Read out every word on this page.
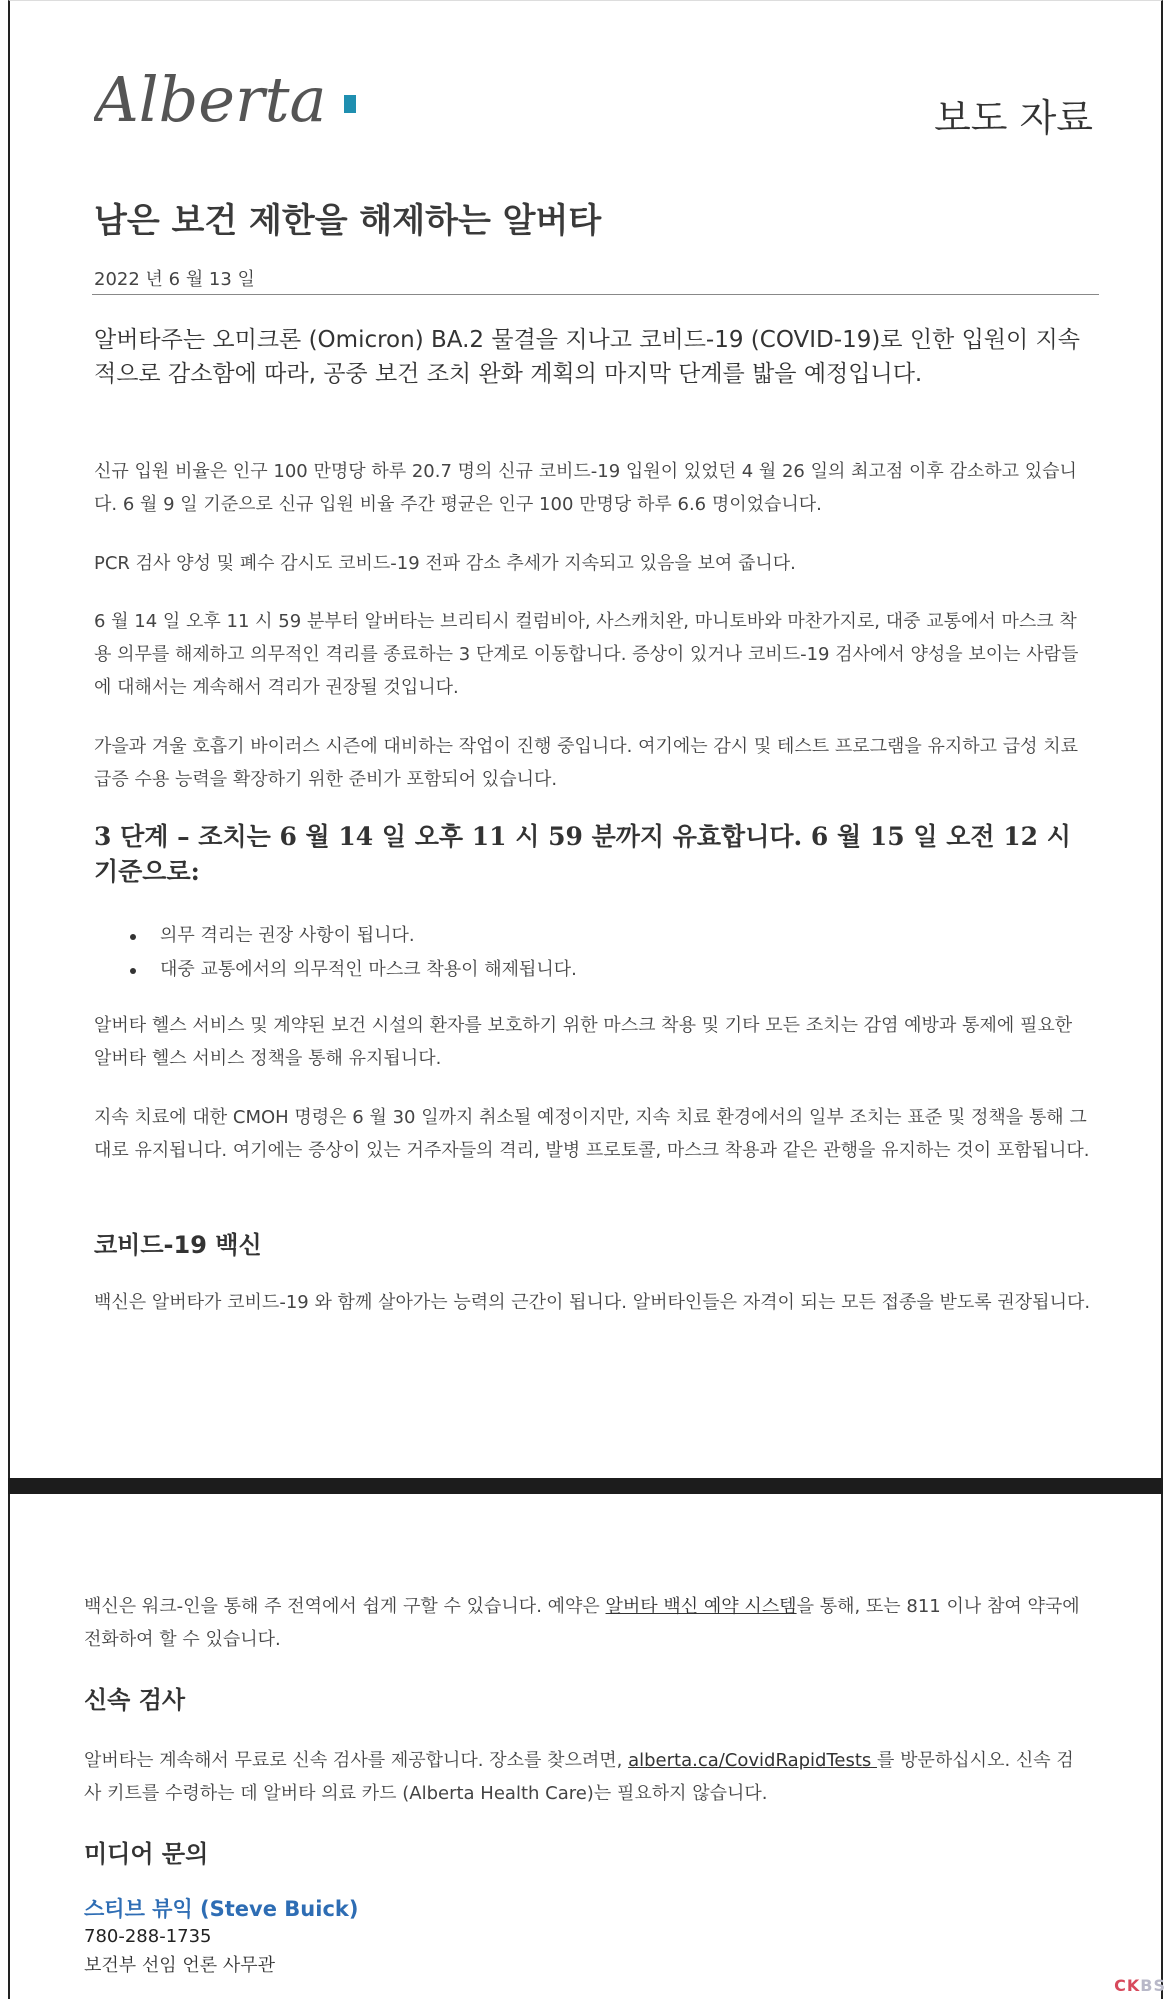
Alberta	보도 자료
남은 보건 제한을 해제하는 알버타
2022 년 6 월 13 일
알버타주는 오미크론 (Omicron) BA.2 물결을 지나고 코비드-19 (COVID-19)로 인한 입원이 지속적으로 감소함에 따라, 공중 보건 조치 완화 계획의 마지막 단계를 밟을 예정입니다.
신규 입원 비율은 인구 100 만명당 하루 20.7 명의 신규 코비드-19 입원이 있었던 4 월 26 일의 최고점 이후 감소하고 있습니다. 6 월 9 일 기준으로 신규 입원 비율 주간 평균은 인구 100 만명당 하루 6.6 명이었습니다.
PCR 검사 양성 및 폐수 감시도 코비드-19 전파 감소 추세가 지속되고 있음을 보여 줍니다.
6 월 14 일 오후 11 시 59 분부터 알버타는 브리티시 컬럼비아, 사스캐치완, 마니토바와 마찬가지로, 대중 교통에서 마스크 착용 의무를 해제하고 의무적인 격리를 종료하는 3 단계로 이동합니다. 증상이 있거나 코비드-19 검사에서 양성을 보이는 사람들에 대해서는 계속해서 격리가 권장될 것입니다.
가을과 겨울 호흡기 바이러스 시즌에 대비하는 작업이 진행 중입니다. 여기에는 감시 및 테스트 프로그램을 유지하고 급성 치료 급증 수용 능력을 확장하기 위한 준비가 포함되어 있습니다.
3 단계 – 조치는 6 월 14 일 오후 11 시 59 분까지 유효합니다. 6 월 15 일 오전 12 시 기준으로:
의무 격리는 권장 사항이 됩니다.
대중 교통에서의 의무적인 마스크 착용이 해제됩니다.
알버타 헬스 서비스 및 계약된 보건 시설의 환자를 보호하기 위한 마스크 착용 및 기타 모든 조치는 감염 예방과 통제에 필요한 알버타 헬스 서비스 정책을 통해 유지됩니다.
지속 치료에 대한 CMOH 명령은 6 월 30 일까지 취소될 예정이지만, 지속 치료 환경에서의 일부 조치는 표준 및 정책을 통해 그대로 유지됩니다. 여기에는 증상이 있는 거주자들의 격리, 발병 프로토콜, 마스크 착용과 같은 관행을 유지하는 것이 포함됩니다.
코비드-19 백신
백신은 알버타가 코비드-19 와 함께 살아가는 능력의 근간이 됩니다. 알버타인들은 자격이 되는 모든 접종을 받도록 권장됩니다.
백신은 워크-인을 통해 주 전역에서 쉽게 구할 수 있습니다. 예약은 알버타 백신 예약 시스템을 통해, 또는 811 이나 참여 약국에 전화하여 할 수 있습니다.
신속 검사
알버타는 계속해서 무료로 신속 검사를 제공합니다. 장소를 찾으려면, alberta.ca/CovidRapidTests 를 방문하십시오. 신속 검사 키트를 수령하는 데 알버타 의료 카드 (Alberta Health Care)는 필요하지 않습니다.
미디어 문의
스티브 뷰익 (Steve Buick)
780-288-1735
보건부 선임 언론 사무관
CKBS
